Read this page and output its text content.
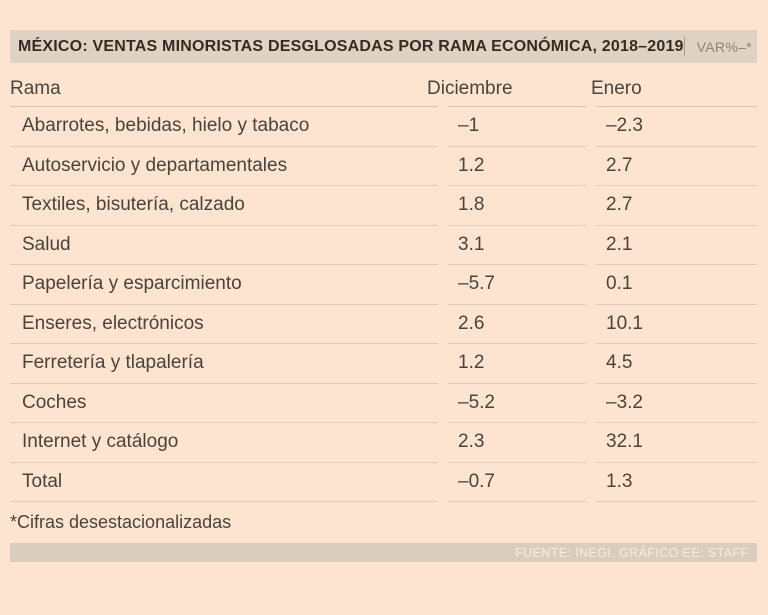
MÉXICO: VENTAS MINORISTAS DESGLOSADAS POR RAMA ECONÓMICA, 2018–2019 VAR%–*
Rama	Diciembre	Enero
Abarrotes, bebidas, hielo y tabaco	–1	–2.3
Autoservicio y departamentales	1.2	2.7
Textiles, bisutería, calzado	1.8	2.7
Salud	3.1	2.1
Papelería y esparcimiento	–5.7	0.1
Enseres, electrónicos	2.6	10.1
Ferretería y tlapalería	1.2	4.5
Coches	–5.2	–3.2
Internet y catálogo	2.3	32.1
Total	–0.7	1.3
*Cifras desestacionalizadas
FUENTE: INEGI. GRÁFICO EE: STAFF.
